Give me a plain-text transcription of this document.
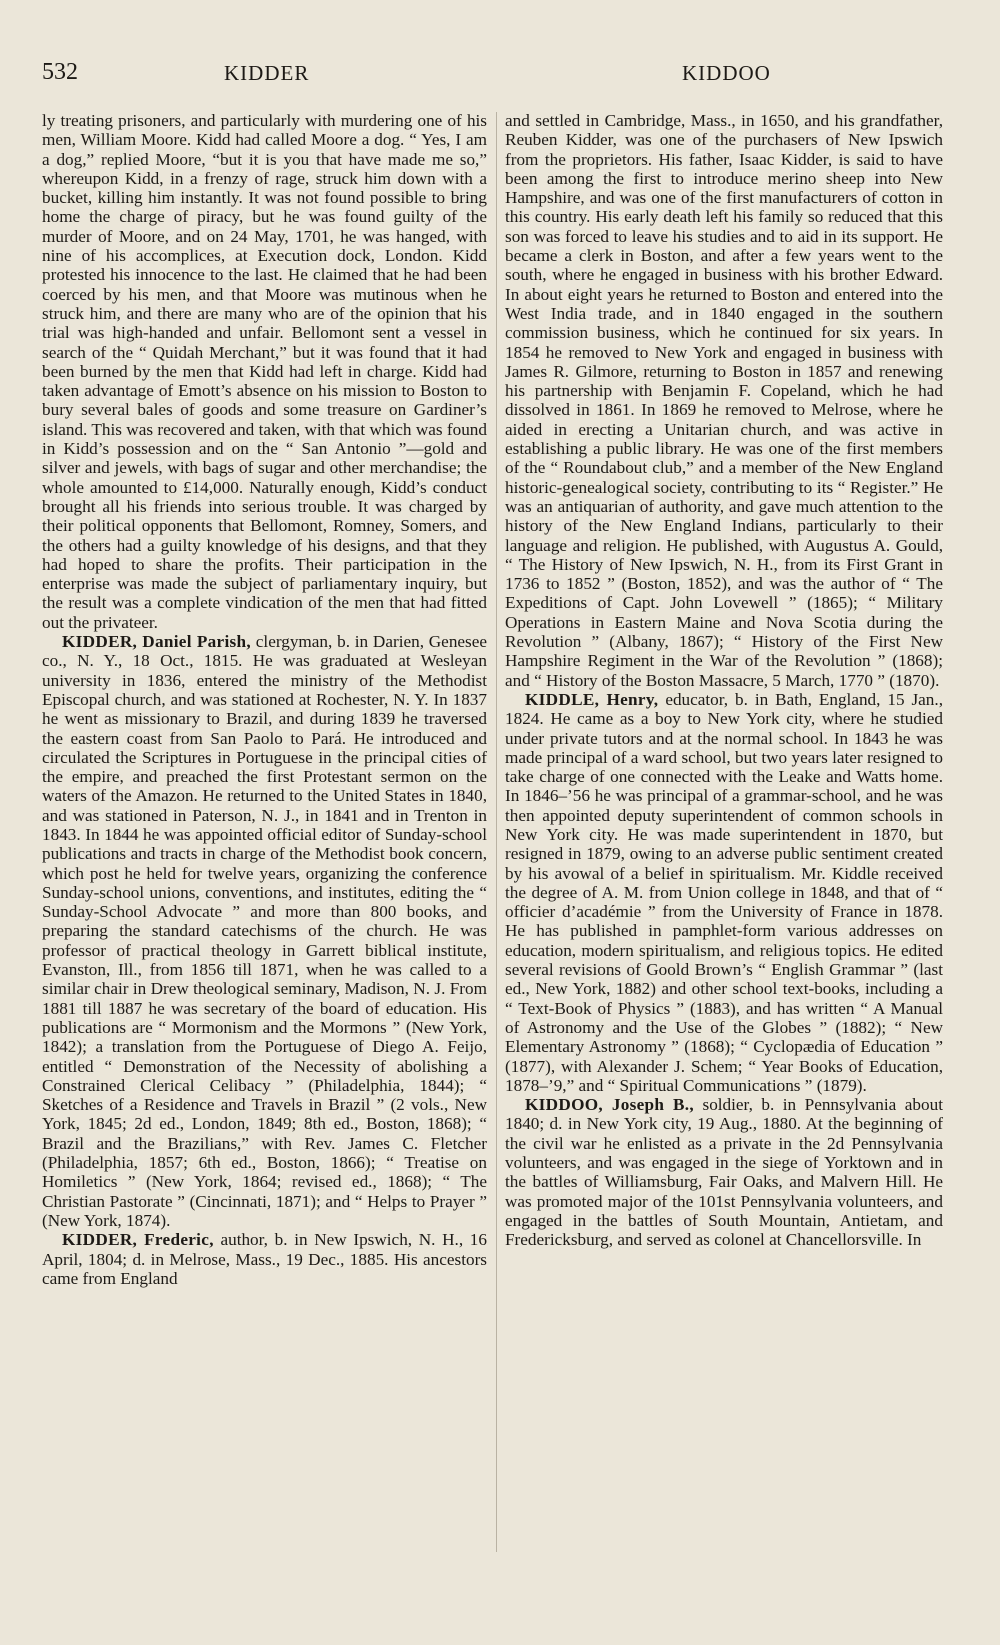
532	KIDDER	KIDDOO

ly treating prisoners, and particularly with murdering one of his men, William Moore. Kidd had called Moore a dog. “ Yes, I am a dog,” replied Moore, “but it is you that have made me so,” whereupon Kidd, in a frenzy of rage, struck him down with a bucket, killing him instantly. It was not found possible to bring home the charge of piracy, but he was found guilty of the murder of Moore, and on 24 May, 1701, he was hanged, with nine of his accomplices, at Execution dock, London. Kidd protested his innocence to the last. He claimed that he had been coerced by his men, and that Moore was mutinous when he struck him, and there are many who are of the opinion that his trial was high-handed and unfair. Bellomont sent a vessel in search of the “ Quidah Merchant,” but it was found that it had been burned by the men that Kidd had left in charge. Kidd had taken advantage of Emott’s absence on his mission to Boston to bury several bales of goods and some treasure on Gardiner’s island. This was recovered and taken, with that which was found in Kidd’s possession and on the “ San Antonio ”—gold and silver and jewels, with bags of sugar and other merchandise; the whole amounted to £14,000. Naturally enough, Kidd’s conduct brought all his friends into serious trouble. It was charged by their political opponents that Bellomont, Romney, Somers, and the others had a guilty knowledge of his designs, and that they had hoped to share the profits. Their participation in the enterprise was made the subject of parliamentary inquiry, but the result was a complete vindication of the men that had fitted out the privateer.

KIDDER, Daniel Parish, clergyman, b. in Darien, Genesee co., N. Y., 18 Oct., 1815. He was graduated at Wesleyan university in 1836, entered the ministry of the Methodist Episcopal church, and was stationed at Rochester, N. Y. In 1837 he went as missionary to Brazil, and during 1839 he traversed the eastern coast from San Paolo to Pará. He introduced and circulated the Scriptures in Portuguese in the principal cities of the empire, and preached the first Protestant sermon on the waters of the Amazon. He returned to the United States in 1840, and was stationed in Paterson, N. J., in 1841 and in Trenton in 1843. In 1844 he was appointed official editor of Sunday-school publications and tracts in charge of the Methodist book concern, which post he held for twelve years, organizing the conference Sunday-school unions, conventions, and institutes, editing the “ Sunday-School Advocate ” and more than 800 books, and preparing the standard catechisms of the church. He was professor of practical theology in Garrett biblical institute, Evanston, Ill., from 1856 till 1871, when he was called to a similar chair in Drew theological seminary, Madison, N. J. From 1881 till 1887 he was secretary of the board of education. His publications are “ Mormonism and the Mormons ” (New York, 1842); a translation from the Portuguese of Diego A. Feijo, entitled “ Demonstration of the Necessity of abolishing a Constrained Clerical Celibacy ” (Philadelphia, 1844); “ Sketches of a Residence and Travels in Brazil ” (2 vols., New York, 1845; 2d ed., London, 1849; 8th ed., Boston, 1868); “ Brazil and the Brazilians,” with Rev. James C. Fletcher (Philadelphia, 1857; 6th ed., Boston, 1866); “ Treatise on Homiletics ” (New York, 1864; revised ed., 1868); “ The Christian Pastorate ” (Cincinnati, 1871); and “ Helps to Prayer ” (New York, 1874).

KIDDER, Frederic, author, b. in New Ipswich, N. H., 16 April, 1804; d. in Melrose, Mass., 19 Dec., 1885. His ancestors came from England

and settled in Cambridge, Mass., in 1650, and his grandfather, Reuben Kidder, was one of the purchasers of New Ipswich from the proprietors. His father, Isaac Kidder, is said to have been among the first to introduce merino sheep into New Hampshire, and was one of the first manufacturers of cotton in this country. His early death left his family so reduced that this son was forced to leave his studies and to aid in its support. He became a clerk in Boston, and after a few years went to the south, where he engaged in business with his brother Edward. In about eight years he returned to Boston and entered into the West India trade, and in 1840 engaged in the southern commission business, which he continued for six years. In 1854 he removed to New York and engaged in business with James R. Gilmore, returning to Boston in 1857 and renewing his partnership with Benjamin F. Copeland, which he had dissolved in 1861. In 1869 he removed to Melrose, where he aided in erecting a Unitarian church, and was active in establishing a public library. He was one of the first members of the “ Roundabout club,” and a member of the New England historic-genealogical society, contributing to its “ Register.” He was an antiquarian of authority, and gave much attention to the history of the New England Indians, particularly to their language and religion. He published, with Augustus A. Gould, “ The History of New Ipswich, N. H., from its First Grant in 1736 to 1852 ” (Boston, 1852), and was the author of “ The Expeditions of Capt. John Lovewell ” (1865); “ Military Operations in Eastern Maine and Nova Scotia during the Revolution ” (Albany, 1867); “ History of the First New Hampshire Regiment in the War of the Revolution ” (1868); and “ History of the Boston Massacre, 5 March, 1770 ” (1870).

KIDDLE, Henry, educator, b. in Bath, England, 15 Jan., 1824. He came as a boy to New York city, where he studied under private tutors and at the normal school. In 1843 he was made principal of a ward school, but two years later resigned to take charge of one connected with the Leake and Watts home. In 1846–’56 he was principal of a grammar-school, and he was then appointed deputy superintendent of common schools in New York city. He was made superintendent in 1870, but resigned in 1879, owing to an adverse public sentiment created by his avowal of a belief in spiritualism. Mr. Kiddle received the degree of A. M. from Union college in 1848, and that of “ officier d’académie ” from the University of France in 1878. He has published in pamphlet-form various addresses on education, modern spiritualism, and religious topics. He edited several revisions of Goold Brown’s “ English Grammar ” (last ed., New York, 1882) and other school text-books, including a “ Text-Book of Physics ” (1883), and has written “ A Manual of Astronomy and the Use of the Globes ” (1882); “ New Elementary Astronomy ” (1868); “ Cyclopædia of Education ” (1877), with Alexander J. Schem; “ Year Books of Education, 1878–’9,” and “ Spiritual Communications ” (1879).

KIDDOO, Joseph B., soldier, b. in Pennsylvania about 1840; d. in New York city, 19 Aug., 1880. At the beginning of the civil war he enlisted as a private in the 2d Pennsylvania volunteers, and was engaged in the siege of Yorktown and in the battles of Williamsburg, Fair Oaks, and Malvern Hill. He was promoted major of the 101st Pennsylvania volunteers, and engaged in the battles of South Mountain, Antietam, and Fredericksburg, and served as colonel at Chancellorsville. In
